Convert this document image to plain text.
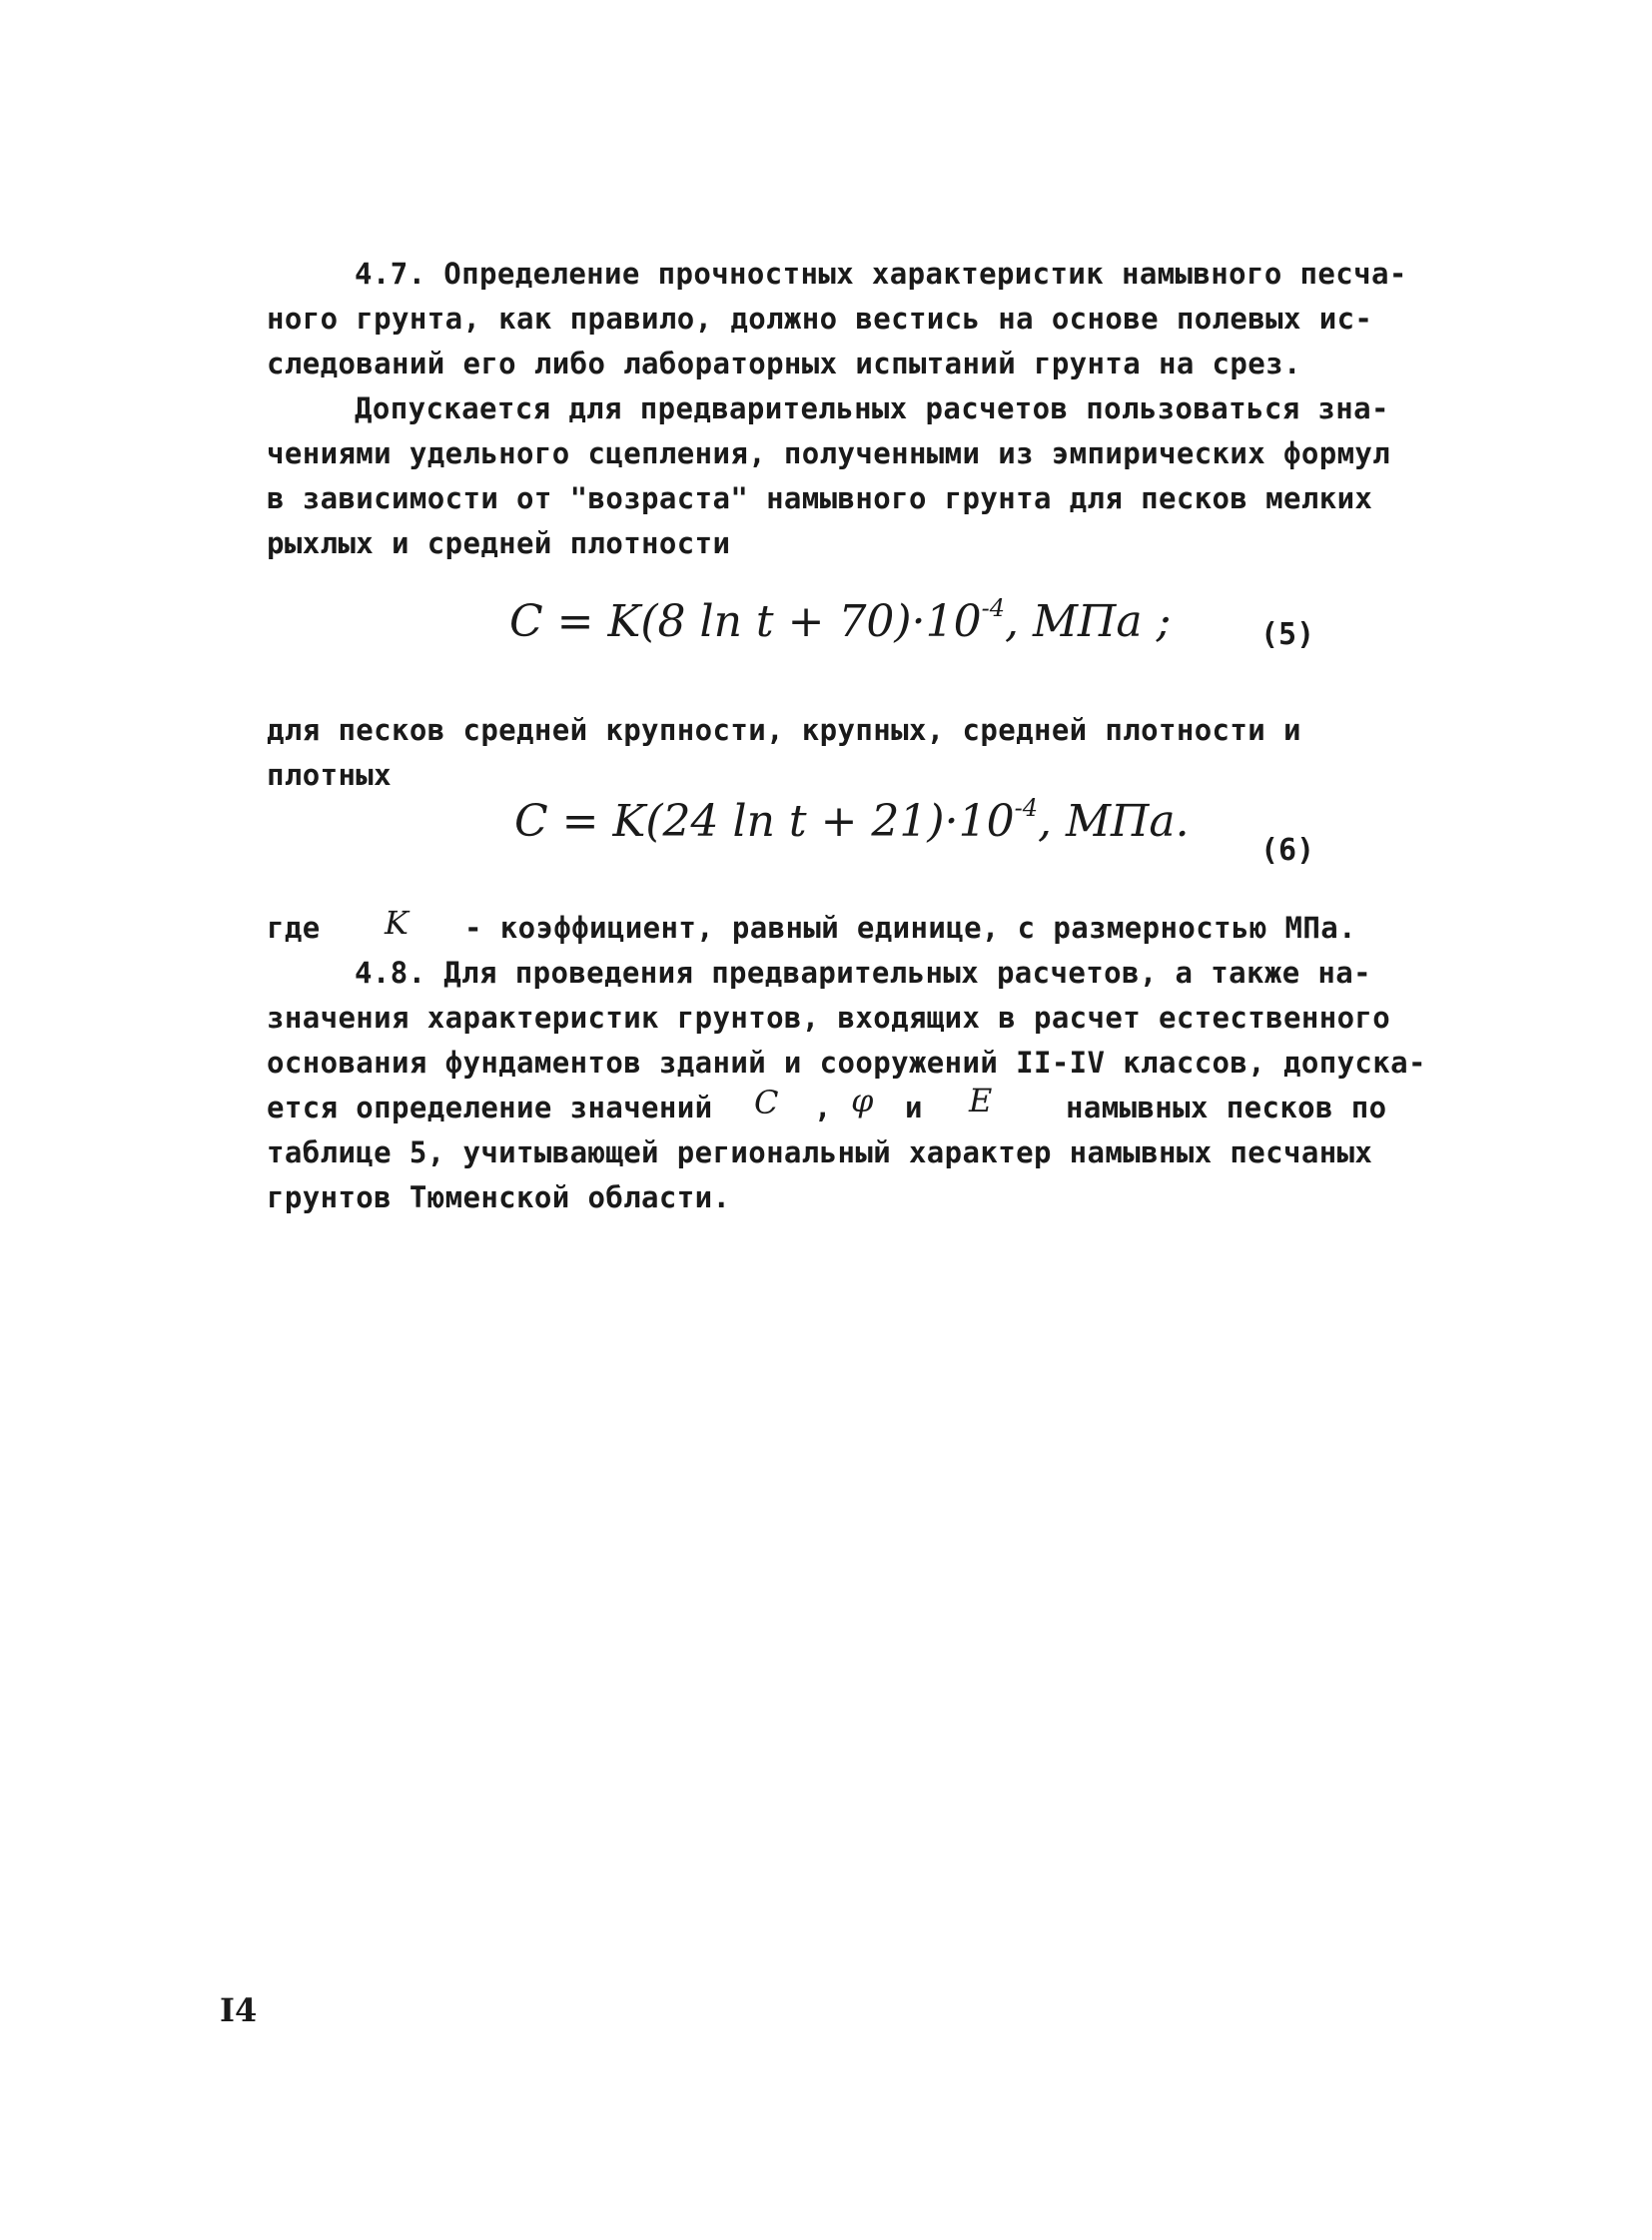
4.7. Определение прочностных характеристик намывного песча-
ного грунта, как правило, должно вестись на основе полевых ис-
следований его либо лабораторных испытаний грунта на срез.
Допускается для предварительных расчетов пользоваться зна-
чениями удельного сцепления, полученными из эмпирических формул
в зависимости от "возраста" намывного грунта для песков мелких
рыхлых и средней плотности
C = K(8 $\ln t + 70)\cdot 10^{-4}$, МПа ;	(5)
для песков средней крупности, крупных, средней плотности и
плотных
C = K(24 $\ln t + 21)\cdot 10^{-4}$, МПа.
(6)
где K - коэффициент, равный единице, с размерностью МПа.
4.8. Для проведения предварительных расчетов, а также на-
значения характеристик грунтов, входящих в расчет естественного
основания фундаментов зданий и сооружений II-IV классов, допуска-
ется определение значений C , φ и E	намывных песков по
таблице 5, учитывающей региональный характер намывных песчаных
грунтов Тюменской области.
I4
